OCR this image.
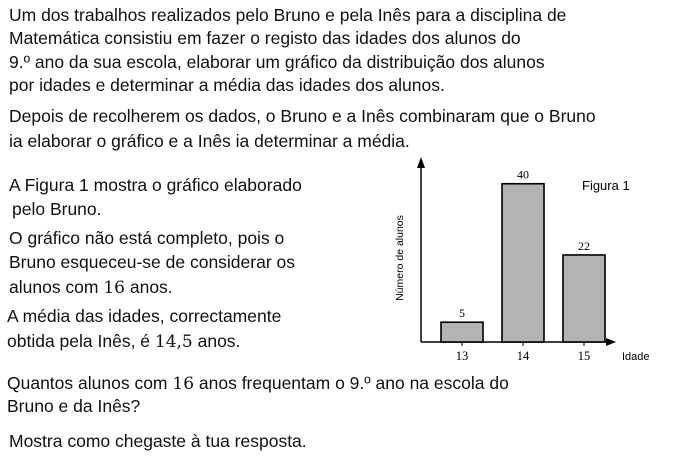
Um dos trabalhos realizados pelo Bruno e pela Inês para a disciplina de
Matemática consistiu em fazer o registo das idades dos alunos do
9.º ano da sua escola, elaborar um gráfico da distribuição dos alunos
por idades e determinar a média das idades dos alunos.
Depois de recolherem os dados, o Bruno e a Inês combinaram que o Bruno
ia elaborar o gráfico e a Inês ia determinar a média.
A Figura 1 mostra o gráfico elaborado
pelo Bruno.
O gráfico não está completo, pois o
Bruno esqueceu-se de considerar os
alunos com 16 anos.
A média das idades, correctamente
obtida pela Inês, é 14,5 anos.
Quantos alunos com 16 anos frequentam o 9.º ano na escola do
Bruno e da Inês?
Mostra como chegaste à tua resposta.
13	14	15
5
40
22
Figura 1
Número de alunos
Idade
